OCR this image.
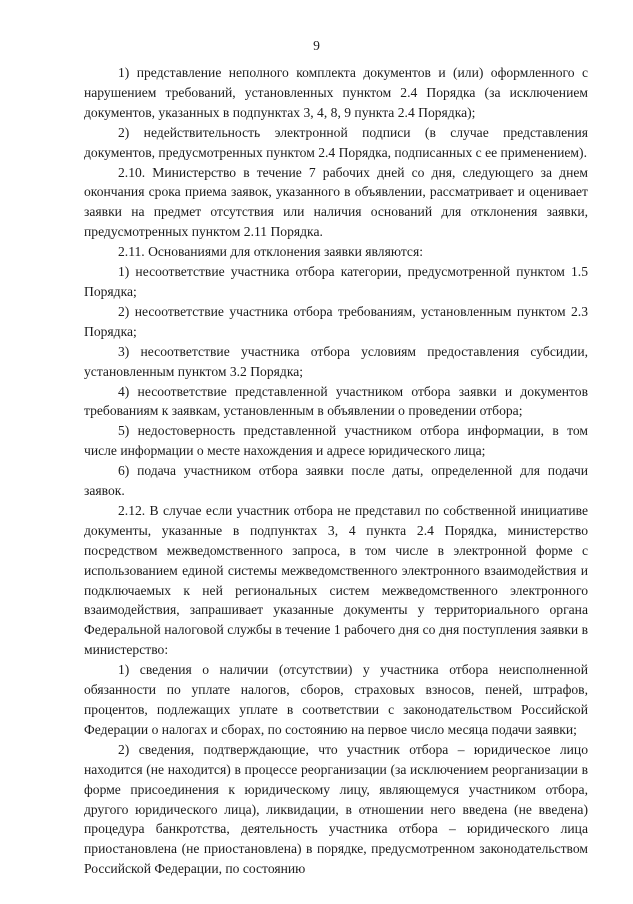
9

1) представление неполного комплекта документов и (или) оформленного с нарушением требований, установленных пунктом 2.4 Порядка (за исключением документов, указанных в подпунктах 3, 4, 8, 9 пункта 2.4 Порядка);

2) недействительность электронной подписи (в случае представления документов, предусмотренных пунктом 2.4 Порядка, подписанных с ее применением).

2.10. Министерство в течение 7 рабочих дней со дня, следующего за днем окончания срока приема заявок, указанного в объявлении, рассматривает и оценивает заявки на предмет отсутствия или наличия оснований для отклонения заявки, предусмотренных пунктом 2.11 Порядка.

2.11. Основаниями для отклонения заявки являются:

1) несоответствие участника отбора категории, предусмотренной пунктом 1.5 Порядка;

2) несоответствие участника отбора требованиям, установленным пунктом 2.3 Порядка;

3) несоответствие участника отбора условиям предоставления субсидии, установленным пунктом 3.2 Порядка;

4) несоответствие представленной участником отбора заявки и документов требованиям к заявкам, установленным в объявлении о проведении отбора;

5) недостоверность представленной участником отбора информации, в том числе информации о месте нахождения и адресе юридического лица;

6) подача участником отбора заявки после даты, определенной для подачи заявок.

2.12. В случае если участник отбора не представил по собственной инициативе документы, указанные в подпунктах 3, 4 пункта 2.4 Порядка, министерство посредством межведомственного запроса, в том числе в электронной форме с использованием единой системы межведомственного электронного взаимодействия и подключаемых к ней региональных систем межведомственного электронного взаимодействия, запрашивает указанные документы у территориального органа Федеральной налоговой службы в течение 1 рабочего дня со дня поступления заявки в министерство:

1) сведения о наличии (отсутствии) у участника отбора неисполненной обязанности по уплате налогов, сборов, страховых взносов, пеней, штрафов, процентов, подлежащих уплате в соответствии с законодательством Российской Федерации о налогах и сборах, по состоянию на первое число месяца подачи заявки;

2) сведения, подтверждающие, что участник отбора – юридическое лицо находится (не находится) в процессе реорганизации (за исключением реорганизации в форме присоединения к юридическому лицу, являющемуся участником отбора, другого юридического лица), ликвидации, в отношении него введена (не введена) процедура банкротства, деятельность участника отбора – юридического лица приостановлена (не приостановлена) в порядке, предусмотренном законодательством Российской Федерации, по состоянию
